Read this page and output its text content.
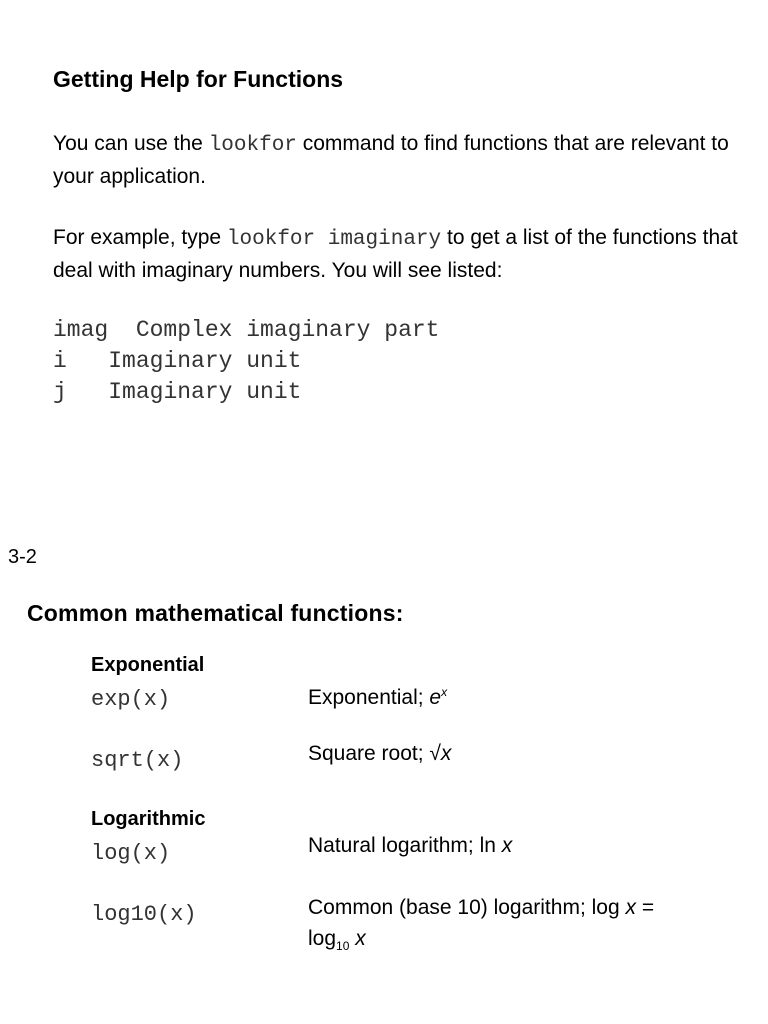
Getting Help for Functions
You can use the lookfor command to find functions that are relevant to your application.
For example, type lookfor imaginary to get a list of the functions that deal with imaginary numbers. You will see listed:
imag Complex imaginary part
i Imaginary unit
j Imaginary unit
3-2
Common mathematical functions:
Exponential
exp(x)	Exponential; $e^x$
sqrt(x)	Square root; √x
Logarithmic
log(x)	Natural logarithm; ln x
log10(x)	Common (base 10) logarithm; $\log x = \log_{10} x$
